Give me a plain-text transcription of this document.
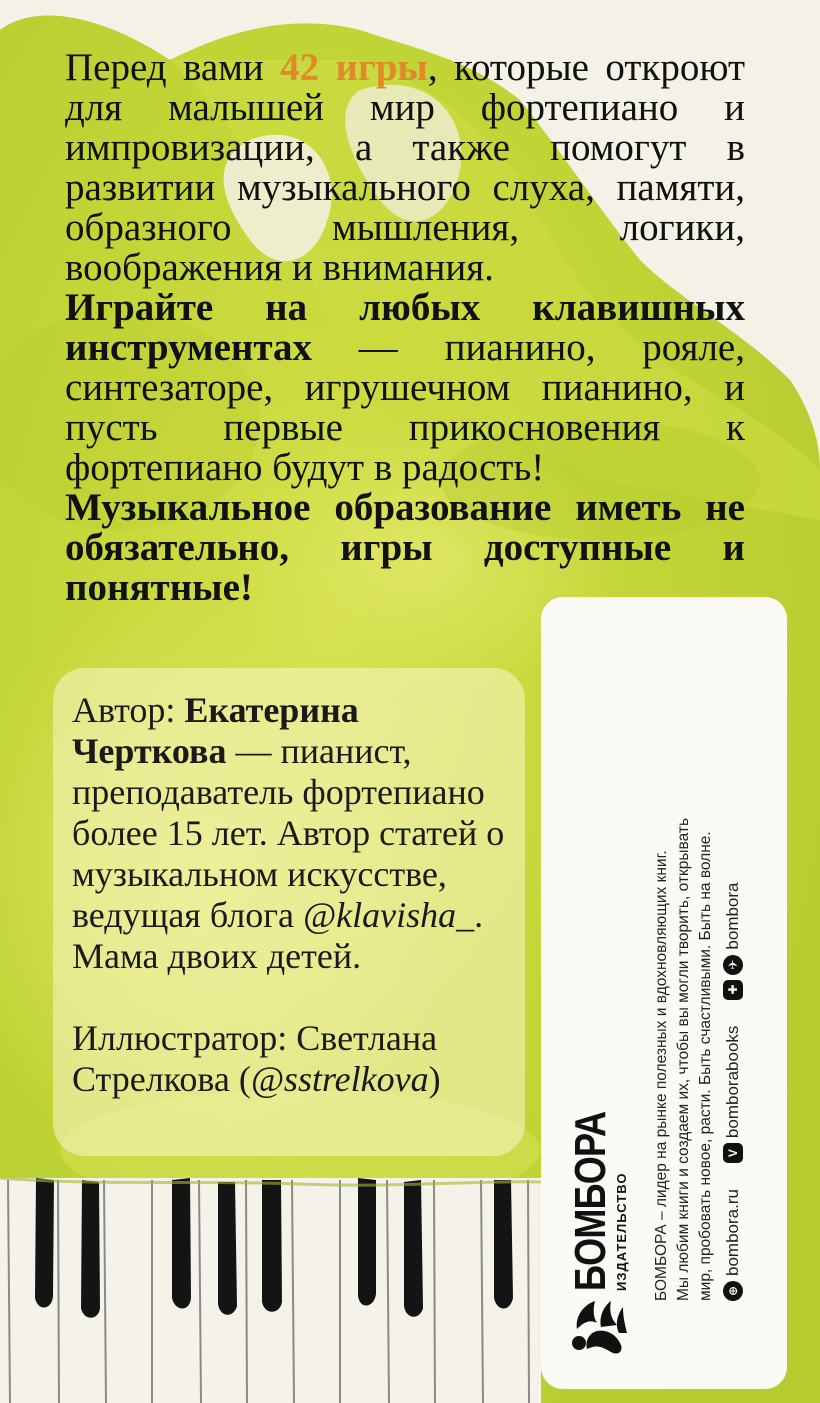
Перед вами 42 игры, которые откроют для малышей мир фортепиано и импровизации, а также помогут в развитии музыкального слуха, памяти, образного мышления, логики, воображения и внимания.

Играйте на любых клавишных инструментах — пианино, рояле, синтезаторе, игрушечном пианино, и пусть первые прикосновения к фортепиано будут в радость!

Музыкальное образование иметь не обязательно, игры доступные и понятные!

Автор: Екатерина Черткова — пианист, преподаватель фортепиано более 15 лет. Автор статей о музыкальном искусстве, ведущая блога @klavisha_. Мама двоих детей.

Иллюстратор: Светлана Стрелкова (@sstrelkova)

БОМБОРА ИЗДАТЕЛЬСТВО БОМБОРА – лидер на рынке полезных и вдохновляющих книг. Мы любим книги и создаем их, чтобы вы могли творить, открывать мир, пробовать новое, расти. Быть счастливыми. Быть на волне. ⊕
bombora.ru
V
bomborabooks
✚
✈
bombora
